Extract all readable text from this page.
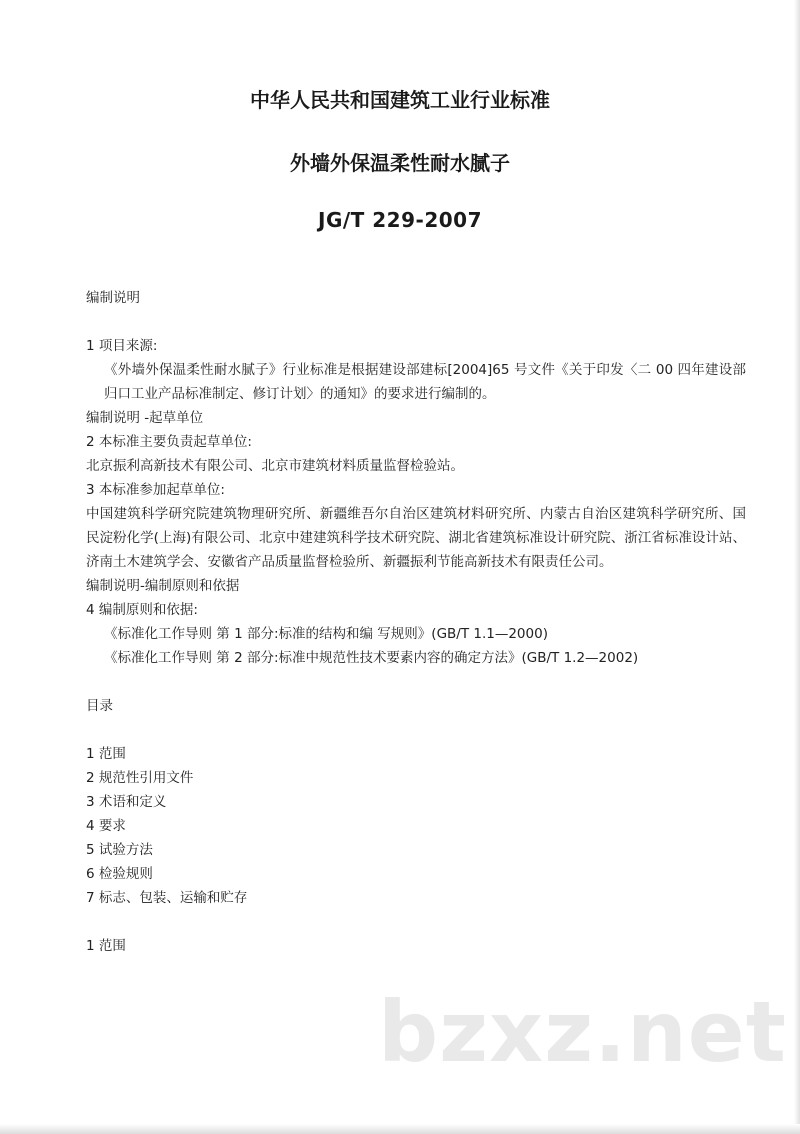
中华人民共和国建筑工业行业标准
外墙外保温柔性耐水腻子
JG/T 229-2007

编制说明

1 项目来源:

《外墙外保温柔性耐水腻子》行业标准是根据建设部建标[2004]65 号文件《关于印发〈二 00 四年建设部归口工业产品标准制定、修订计划〉的通知》的要求进行编制的。

编制说明 -起草单位

2 本标准主要负责起草单位:

北京振利高新技术有限公司、北京市建筑材料质量监督检验站。

3 本标准参加起草单位:

中国建筑科学研究院建筑物理研究所、新疆维吾尔自治区建筑材料研究所、内蒙古自治区建筑科学研究所、国民淀粉化学(上海)有限公司、北京中建建筑科学技术研究院、湖北省建筑标准设计研究院、浙江省标准设计站、济南土木建筑学会、安徽省产品质量监督检验所、新疆振利节能高新技术有限责任公司。

编制说明-编制原则和依据

4 编制原则和依据:

《标准化工作导则 第 1 部分:标准的结构和编 写规则》(GB/T 1.1—2000)

《标准化工作导则 第 2 部分:标准中规范性技术要素内容的确定方法》(GB/T 1.2—2002)

目录

1 范围

2 规范性引用文件

3 术语和定义

4 要求

5 试验方法

6 检验规则

7 标志、包装、运输和贮存

1 范围

bzxz.net
